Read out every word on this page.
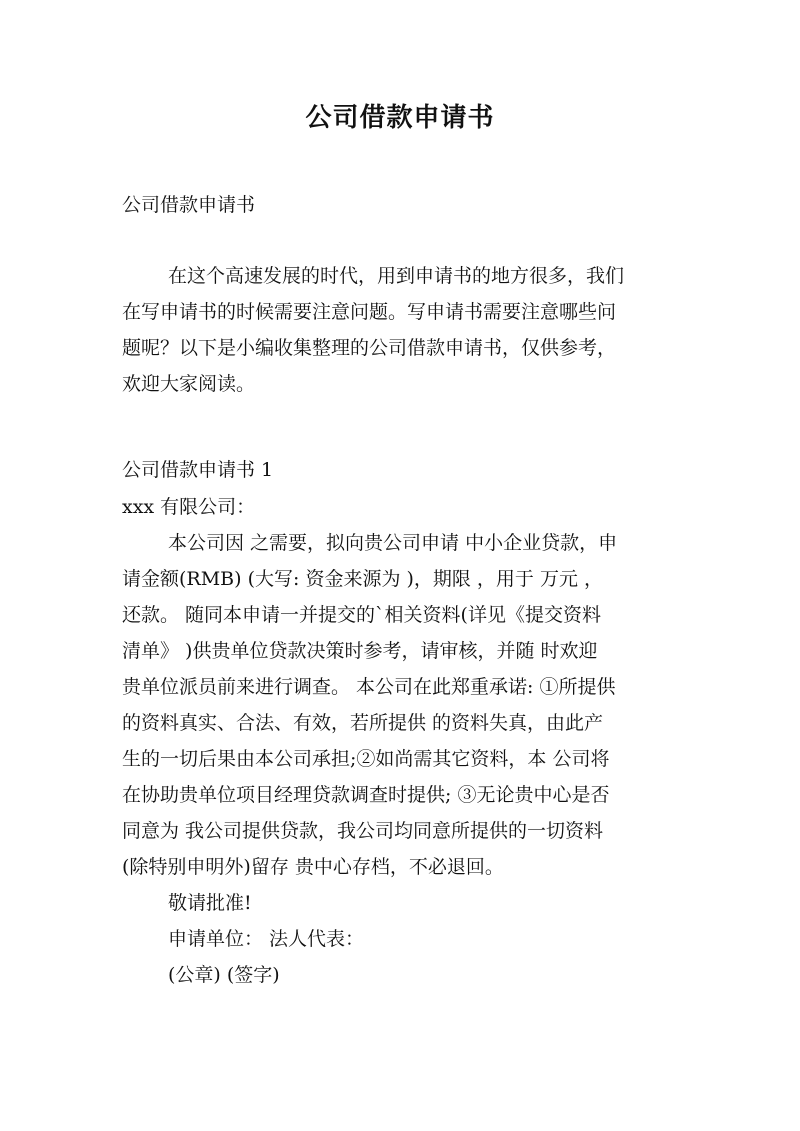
公司借款申请书
公司借款申请书
在这个高速发展的时代，用到申请书的地方很多，我们
在写申请书的时候需要注意问题。写申请书需要注意哪些问
题呢？以下是小编收集整理的公司借款申请书，仅供参考，
欢迎大家阅读。
公司借款申请书 1
xxx 有限公司：
本公司因 之需要，拟向贵公司申请 中小企业贷款，申
请金额(RMB) (大写: 资金来源为 )，期限 ，用于 万元 ，
还款。 随同本申请一并提交的`相关资料(详见《提交资料
清单》 )供贵单位贷款决策时参考，请审核，并随 时欢迎
贵单位派员前来进行调查。 本公司在此郑重承诺: ①所提供
的资料真实、合法、有效，若所提供 的资料失真，由此产
生的一切后果由本公司承担;②如尚需其它资料，本 公司将
在协助贵单位项目经理贷款调查时提供; ③无论贵中心是否
同意为 我公司提供贷款，我公司均同意所提供的一切资料
(除特别申明外)留存 贵中心存档，不必退回。
敬请批准!
申请单位： 法人代表：
(公章) (签字)
